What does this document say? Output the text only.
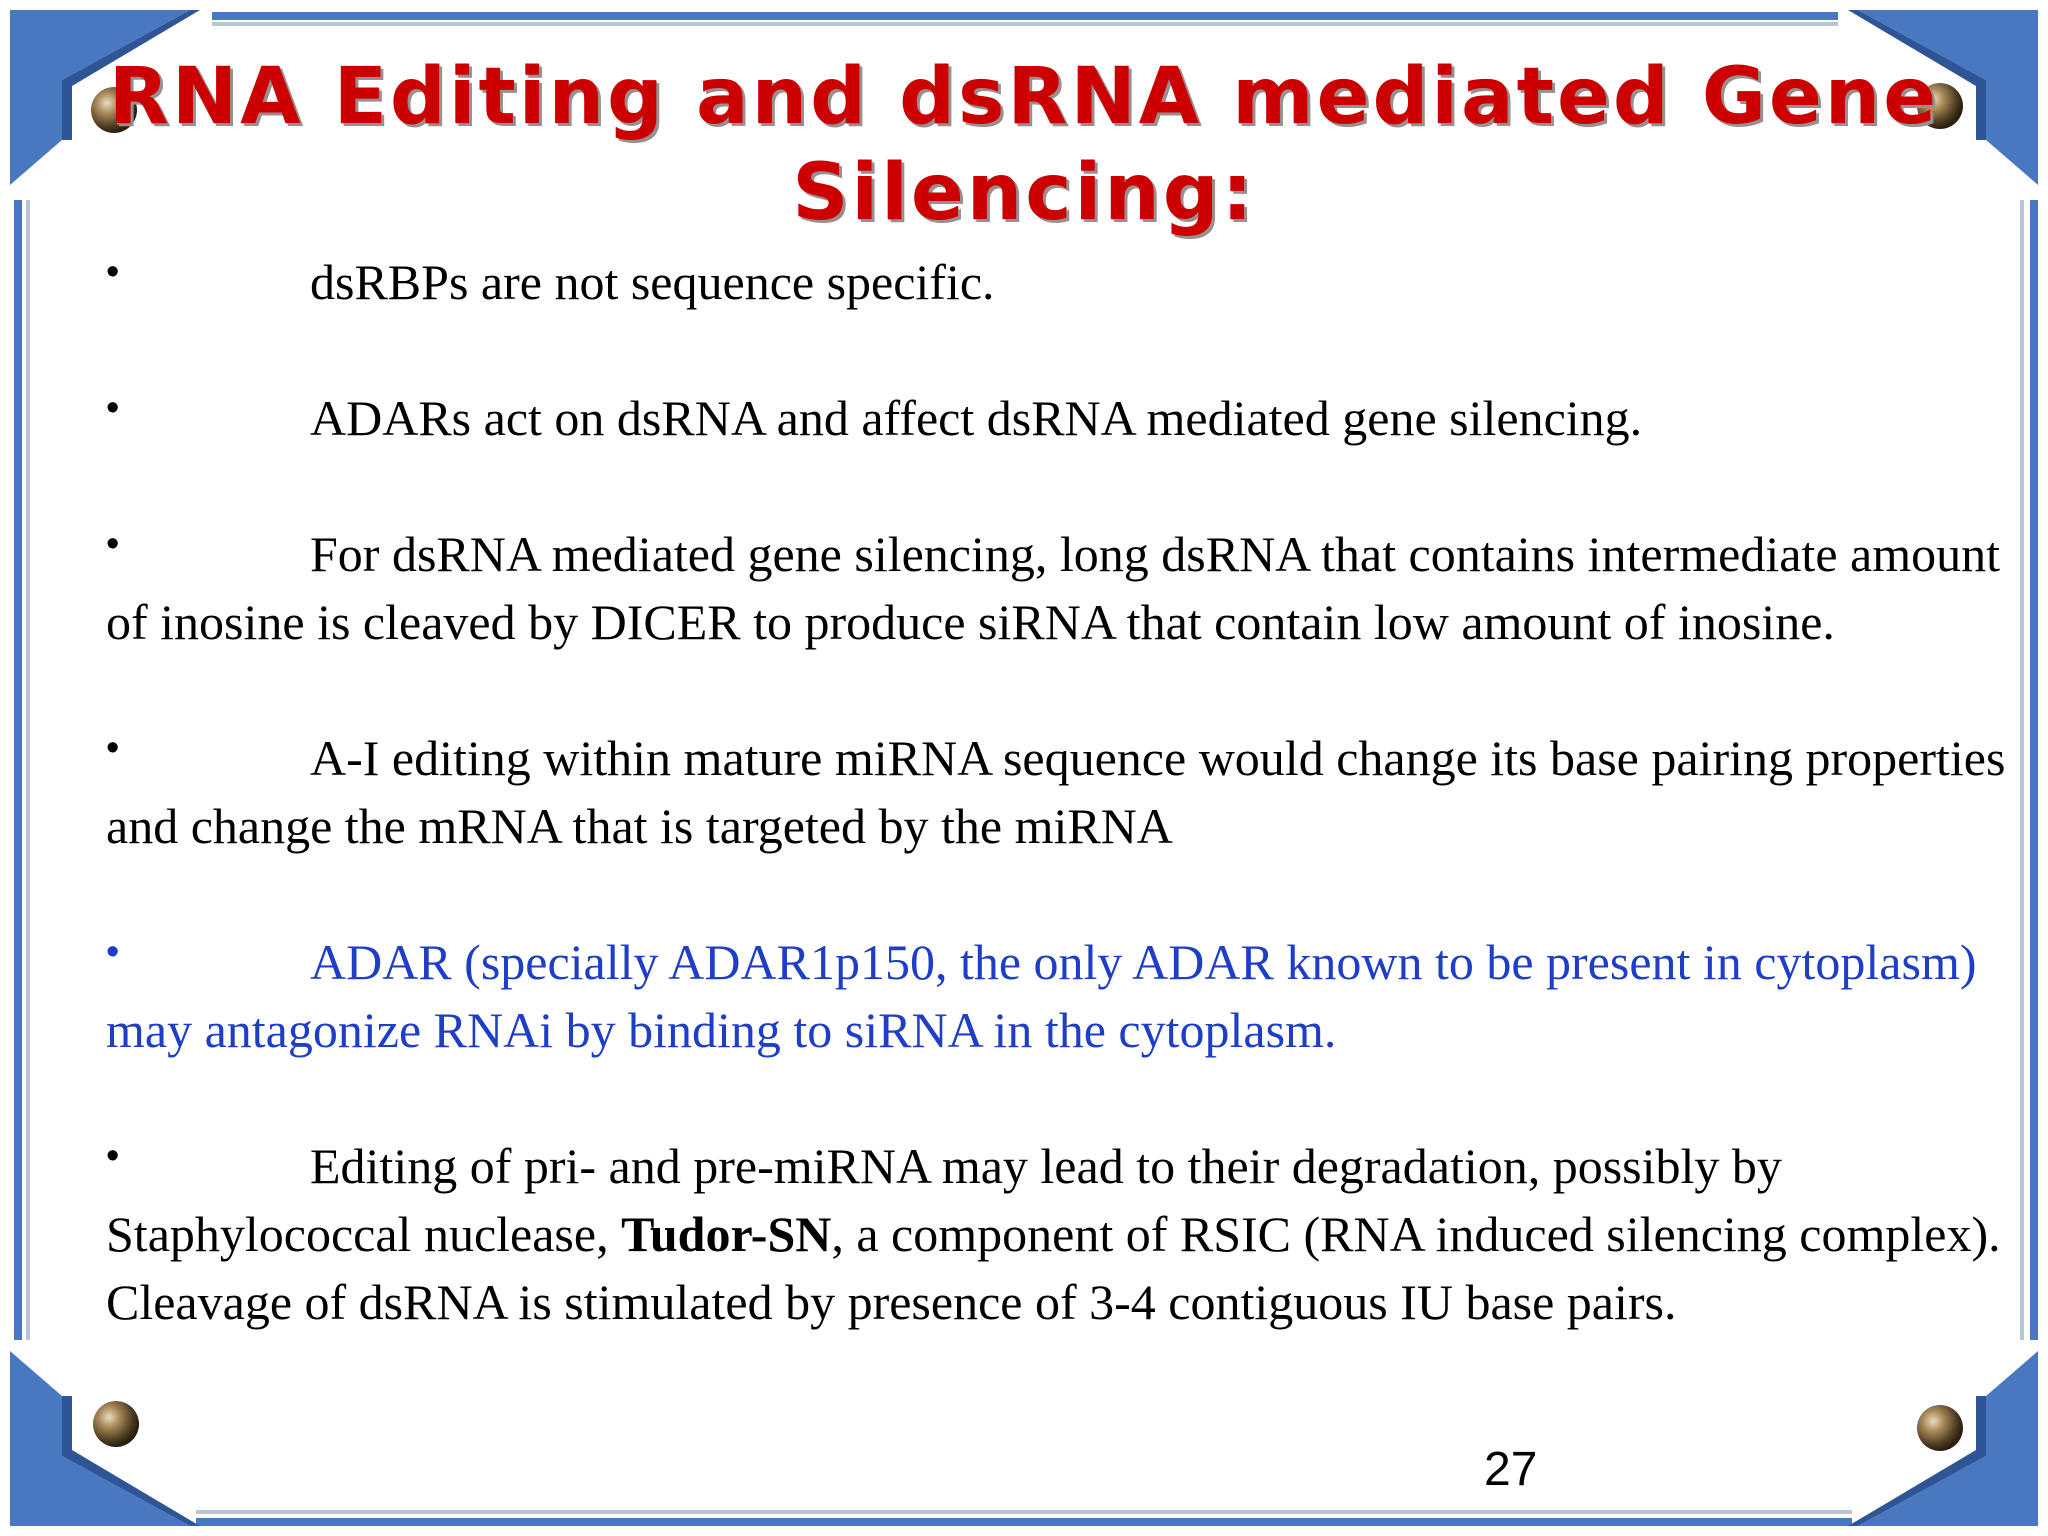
RNA Editing and dsRNA mediated Gene
Silencing:

•	dsRBPs are not sequence specific.

•	ADARs act on dsRNA and affect dsRNA mediated gene silencing.

•	For dsRNA mediated gene silencing, long dsRNA that contains intermediate amount of inosine is cleaved by DICER to produce siRNA that contain low amount of inosine.

•	A-I editing within mature miRNA sequence would change its base pairing properties and change the mRNA that is targeted by the miRNA

•	ADAR (specially ADAR1p150, the only ADAR known to be present in cytoplasm) may antagonize RNAi by binding to siRNA in the cytoplasm.

•	Editing of pri- and pre-miRNA may lead to their degradation, possibly by Staphylococcal nuclease, Tudor-SN, a component of RSIC (RNA induced silencing complex). Cleavage of dsRNA is stimulated by presence of 3-4 contiguous IU base pairs.

27
